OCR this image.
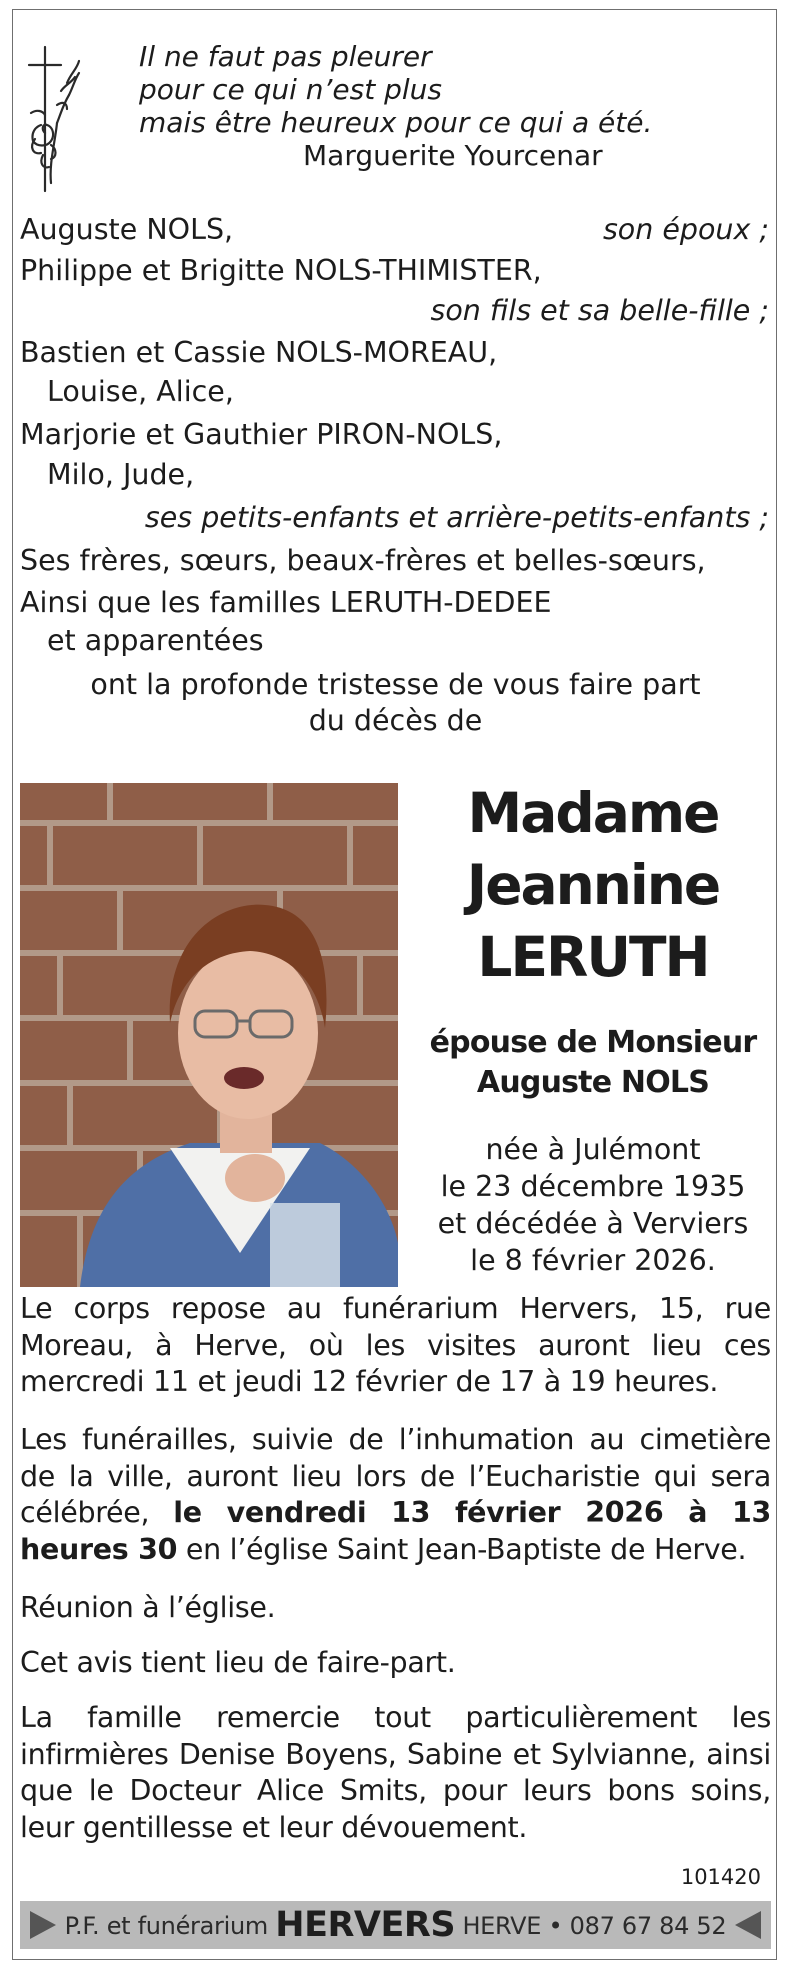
Il ne faut pas pleurer
pour ce qui n’est plus
mais être heureux pour ce qui a été.
Marguerite Yourcenar
Auguste NOLS,	son époux ;
Philippe et Brigitte NOLS-THIMISTER,
son fils et sa belle-fille ;
Bastien et Cassie NOLS-MOREAU,
Louise, Alice,
Marjorie et Gauthier PIRON-NOLS,
Milo, Jude,
ses petits-enfants et arrière-petits-enfants ;
Ses frères, sœurs, beaux-frères et belles-sœurs,
Ainsi que les familles LERUTH-DEDEE
et apparentées
ont la profonde tristesse de vous faire part
du décès de
Madame
Jeannine
LERUTH
épouse de Monsieur
Auguste NOLS
née à Julémont
le 23 décembre 1935
et décédée à Verviers
le 8 février 2026.

Le corps repose au funérarium Hervers, 15, rue Moreau, à Herve, où les visites auront lieu ces mercredi 11 et jeudi 12 février de 17 à 19 heures.

Les funérailles, suivie de l’inhumation au cimetière de la ville, auront lieu lors de l’Eucharistie qui sera célébrée, le vendredi 13 février 2026 à 13 heures 30 en l’église Saint Jean-Baptiste de Herve.

Réunion à l’église.
Cet avis tient lieu de faire-part.

La famille remercie tout particulièrement les infirmières Denise Boyens, Sabine et Sylvianne, ainsi que le Docteur Alice Smits, pour leurs bons soins, leur gentillesse et leur dévouement.

101420
P.F. et funérarium HERVERS HERVE • 087 67 84 52
